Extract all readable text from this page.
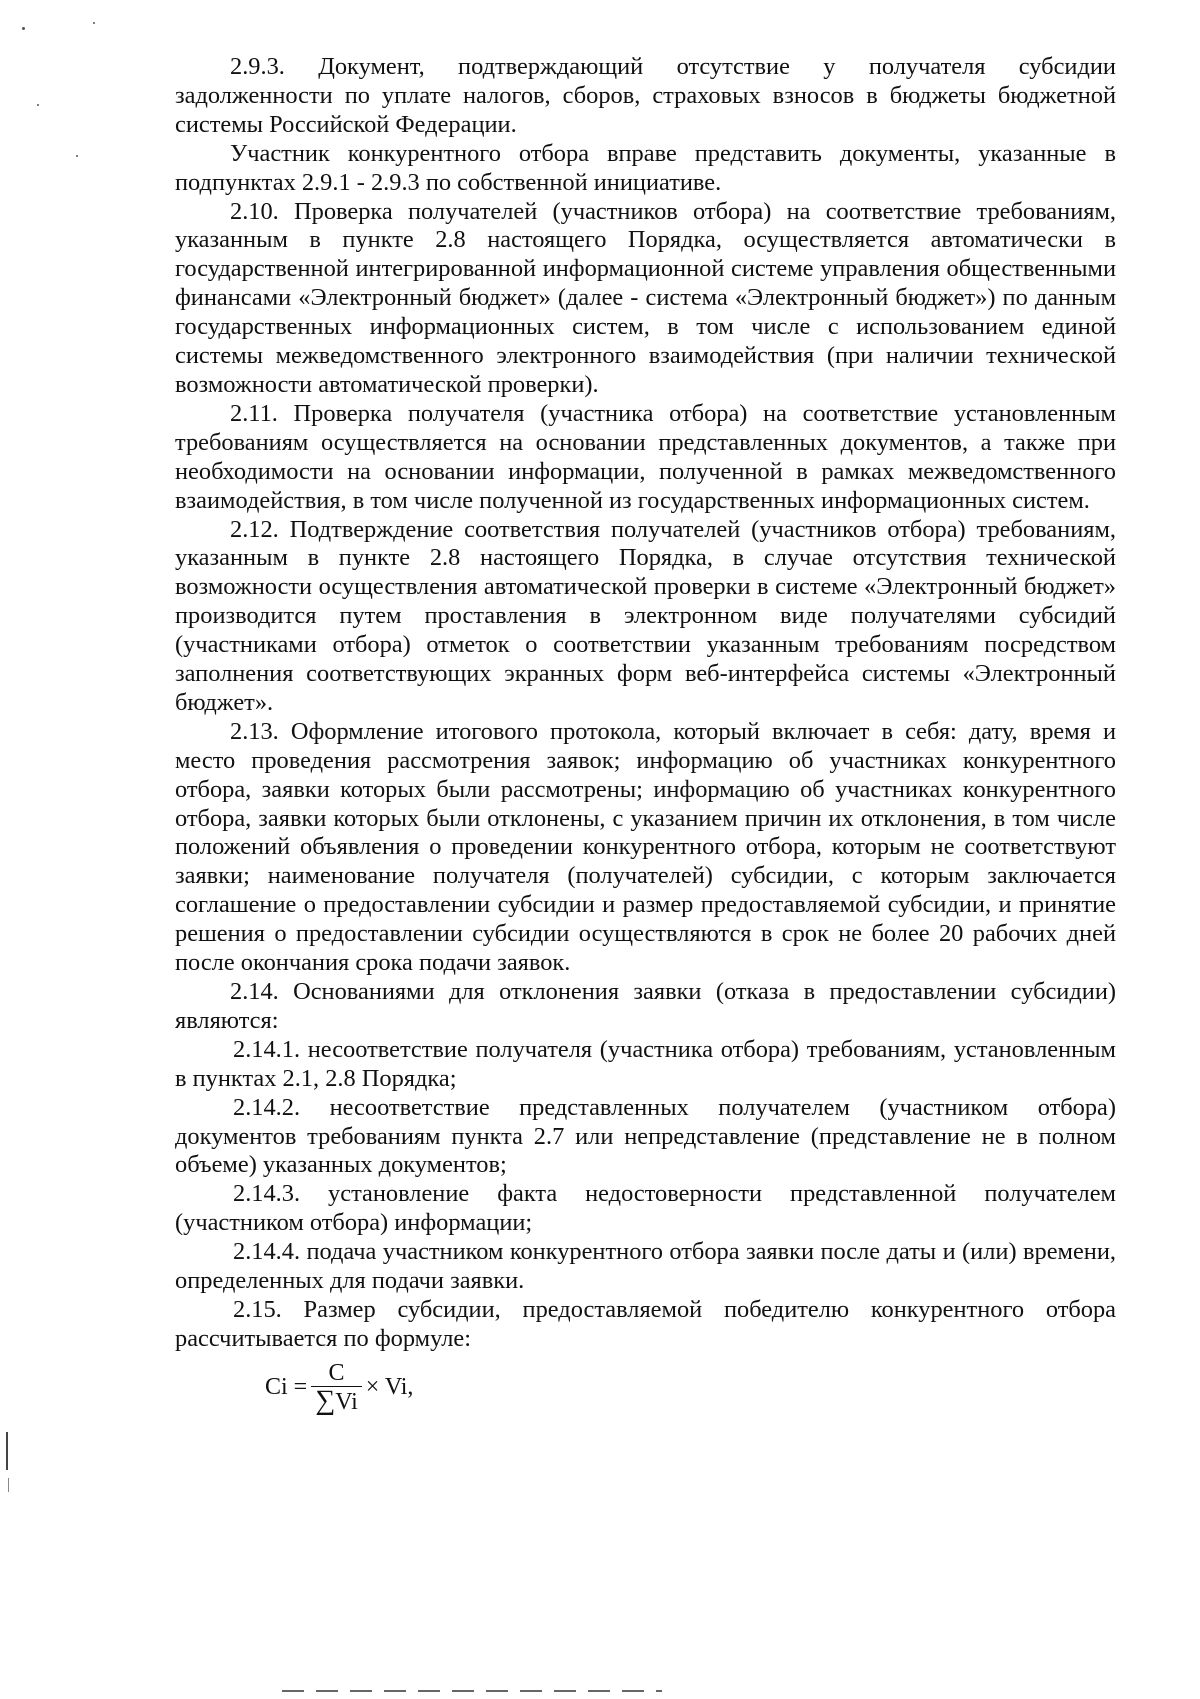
2.9.3. Документ, подтверждающий отсутствие у получателя субсидии задолженности по уплате налогов, сборов, страховых взносов в бюджеты бюджетной системы Российской Федерации.

Участник конкурентного отбора вправе представить документы, указанные в подпунктах 2.9.1 - 2.9.3 по собственной инициативе.

2.10. Проверка получателей (участников отбора) на соответствие требованиям, указанным в пункте 2.8 настоящего Порядка, осуществляется автоматически в государственной интегрированной информационной системе управления общественными финансами «Электронный бюджет» (далее - система «Электронный бюджет») по данным государственных информационных систем, в том числе с использованием единой системы межведомственного электронного взаимодействия (при наличии технической возможности автоматической проверки).

2.11. Проверка получателя (участника отбора) на соответствие установленным требованиям осуществляется на основании представленных документов, а также при необходимости на основании информации, полученной в рамках межведомственного взаимодействия, в том числе полученной из государственных информационных систем.

2.12. Подтверждение соответствия получателей (участников отбора) требованиям, указанным в пункте 2.8 настоящего Порядка, в случае отсутствия технической возможности осуществления автоматической проверки в системе «Электронный бюджет» производится путем проставления в электронном виде получателями субсидий (участниками отбора) отметок о соответствии указанным требованиям посредством заполнения соответствующих экранных форм веб-интерфейса системы «Электронный бюджет».

2.13. Оформление итогового протокола, который включает в себя: дату, время и место проведения рассмотрения заявок; информацию об участниках конкурентного отбора, заявки которых были рассмотрены; информацию об участниках конкурентного отбора, заявки которых были отклонены, с указанием причин их отклонения, в том числе положений объявления о проведении конкурентного отбора, которым не соответствуют заявки; наименование получателя (получателей) субсидии, с которым заключается соглашение о предоставлении субсидии и размер предоставляемой субсидии, и принятие решения о предоставлении субсидии осуществляются в срок не более 20 рабочих дней после окончания срока подачи заявок.

2.14. Основаниями для отклонения заявки (отказа в предоставлении субсидии) являются:

2.14.1. несоответствие получателя (участника отбора) требованиям, установленным в пунктах 2.1, 2.8 Порядка;

2.14.2. несоответствие представленных получателем (участником отбора) документов требованиям пункта 2.7 или непредставление (представление не в полном объеме) указанных документов;

2.14.3. установление факта недостоверности представленной получателем (участником отбора) информации;

2.14.4. подача участником конкурентного отбора заявки после даты и (или) времени, определенных для подачи заявки.

2.15. Размер субсидии, предоставляемой победителю конкурентного отбора рассчитывается по формуле:

$Ci = \frac{C}{\sum Vi} \times Vi$,
